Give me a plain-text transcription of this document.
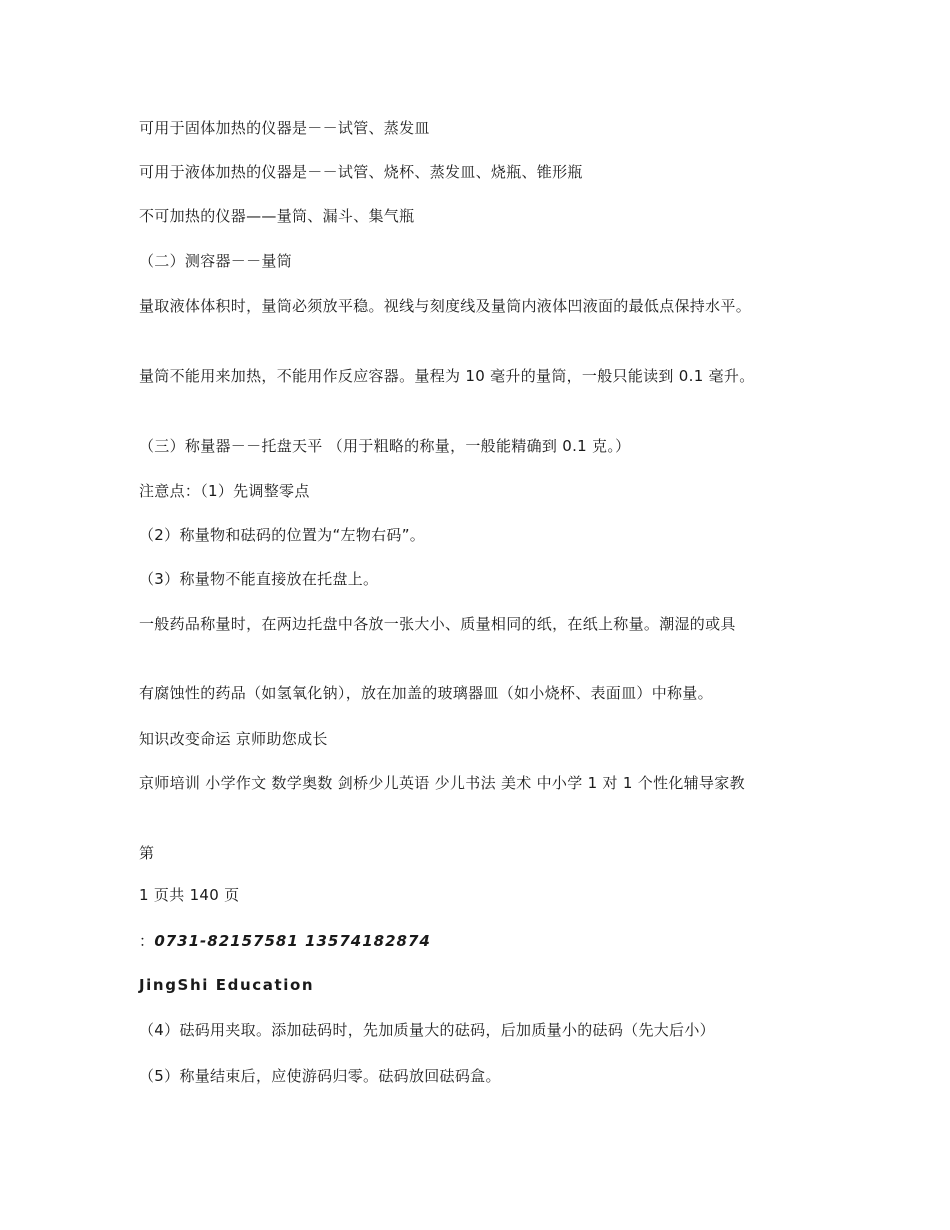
可用于固体加热的仪器是－－试管、蒸发皿
可用于液体加热的仪器是－－试管、烧杯、蒸发皿、烧瓶、锥形瓶
不可加热的仪器——量筒、漏斗、集气瓶
（二）测容器－－量筒
量取液体体积时，量筒必须放平稳。视线与刻度线及量筒内液体凹液面的最低点保持水平。
量筒不能用来加热，不能用作反应容器。量程为 10 毫升的量筒，一般只能读到 0.1 毫升。
（三）称量器－－托盘天平 （用于粗略的称量，一般能精确到 0.1 克。）
注意点：（1）先调整零点
（2）称量物和砝码的位置为“左物右码”。
（3）称量物不能直接放在托盘上。
一般药品称量时，在两边托盘中各放一张大小、质量相同的纸，在纸上称量。潮湿的或具
有腐蚀性的药品（如氢氧化钠），放在加盖的玻璃器皿（如小烧杯、表面皿）中称量。
知识改变命运 京师助您成长
京师培训 小学作文 数学奥数 剑桥少儿英语 少儿书法 美术 中小学 1 对 1 个性化辅导家教
第
1 页共 140 页
：0731-82157581 13574182874
JingShi Education
（4）砝码用夹取。添加砝码时，先加质量大的砝码，后加质量小的砝码（先大后小）
（5）称量结束后，应使游码归零。砝码放回砝码盒。
